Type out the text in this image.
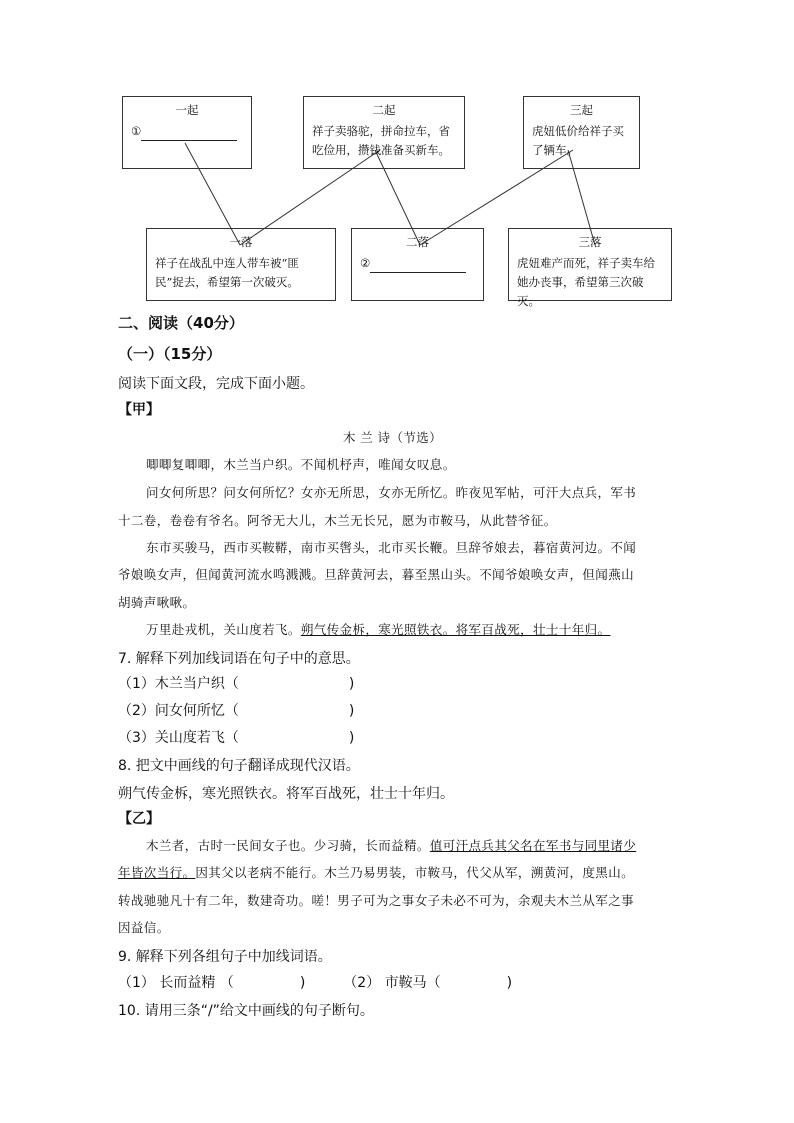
一起
①
二起
祥子卖骆驼，拼命拉车，省
吃俭用，攒钱准备买新车。
三起
虎妞低价给祥子买
了辆车。
一落
祥子在战乱中连人带车被“匪
民”捉去，希望第一次破灭。
二落
②
三落
虎妞难产而死，祥子卖车给
她办丧事，希望第三次破灭。
二、阅读（40分）
（一）（15分）
阅读下面文段，完成下面小题。
【甲】
木 兰 诗（节选）
唧唧复唧唧，木兰当户织。不闻机杼声，唯闻女叹息。
问女何所思？问女何所忆？女亦无所思，女亦无所忆。昨夜见军帖，可汗大点兵，军书
十二卷，卷卷有爷名。阿爷无大儿，木兰无长兄，愿为市鞍马，从此替爷征。
东市买骏马，西市买鞍鞯，南市买辔头，北市买长鞭。旦辞爷娘去，暮宿黄河边。不闻
爷娘唤女声，但闻黄河流水鸣溅溅。旦辞黄河去，暮至黑山头。不闻爷娘唤女声，但闻燕山
胡骑声啾啾。
万里赴戎机，关山度若飞。朔气传金柝，寒光照铁衣。将军百战死，壮士十年归。
7. 解释下列加线词语在句子中的意思。
（1）木兰当户织（	)
（2）问女何所忆（	)
（3）关山度若飞（	)
8. 把文中画线的句子翻译成现代汉语。
朔气传金柝，寒光照铁衣。将军百战死，壮士十年归。
【乙】
木兰者，古时一民间女子也。少习骑，长而益精。值可汗点兵其父名在军书与同里诸少
年皆次当行。因其父以老病不能行。木兰乃易男装，市鞍马，代父从军，溯黄河，度黑山。
转战驰驰凡十有二年，数建奇功。嗟！男子可为之事女子未必不可为，余观夫木兰从军之事
因益信。
9. 解释下列各组句子中加线词语。
（1） 长而益精 （	)	（2） 市鞍马（	)
10. 请用三条“/”给文中画线的句子断句。
